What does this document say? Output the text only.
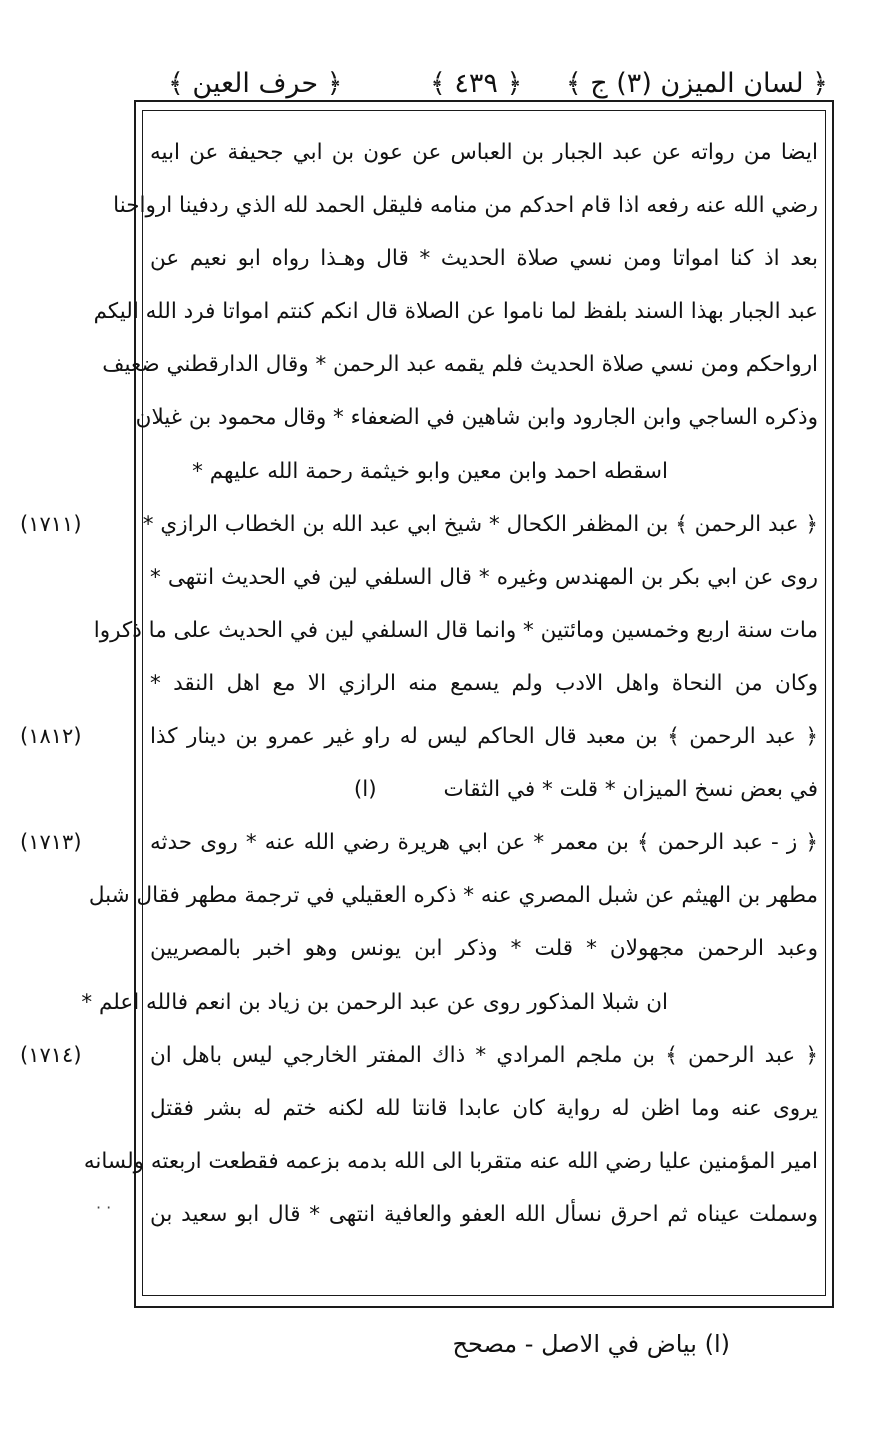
﴿ لسان الميزن (٣) ج ﴾
﴿ ٤٣٩ ﴾
﴿ حرف العين ﴾
ايضا من رواته عن عبد الجبار بن العباس عن عون بن ابي جحيفة عن ابيه
رضي الله عنه رفعه اذا قام احدكم من منامه فليقل الحمد لله الذي ردفينا ارواحنا
بعد اذ كنا امواتا ومن نسي صلاة الحديث * قال وهـذا رواه ابو نعيم عن
عبد الجبار بهذا السند بلفظ لما ناموا عن الصلاة قال انكم كنتم امواتا فرد الله اليكم
ارواحكم ومن نسي صلاة الحديث فلم يقمه عبد الرحمن * وقال الدارقطني ضعيف
وذكره الساجي وابن الجارود وابن شاهين في الضعفاء * وقال محمود بن غيلان
اسقطه احمد وابن معين وابو خيثمة رحمة الله عليهم *
﴿ عبد الرحمن ﴾ بن المظفر الكحال * شيخ ابي عبد الله بن الخطاب الرازي *
روى عن ابي بكر بن المهندس وغيره * قال السلفي لين في الحديث انتهى *
مات سنة اربع وخمسين ومائتين * وانما قال السلفي لين في الحديث على ما ذكروا
وكان من النحاة واهل الادب ولم يسمع منه الرازي الا مع اهل النقد *
﴿ عبد الرحمن ﴾ بن معبد قال الحاكم ليس له راو غير عمرو بن دينار كذا
في بعض نسخ الميزان * قلت * في الثقات (ا)
﴿ ز - عبد الرحمن ﴾ بن معمر * عن ابي هريرة رضي الله عنه * روى حدثه
مطهر بن الهيثم عن شبل المصري عنه * ذكره العقيلي في ترجمة مطهر فقال شبل
وعبد الرحمن مجهولان * قلت * وذكر ابن يونس وهو اخبر بالمصريين
ان شبلا المذكور روى عن عبد الرحمن بن زياد بن انعم فالله اعلم *
﴿ عبد الرحمن ﴾ بن ملجم المرادي * ذاك المفتر الخارجي ليس باهل ان
يروى عنه وما اظن له رواية كان عابدا قانتا لله لكنه ختم له بشر فقتل
امير المؤمنين عليا رضي الله عنه متقربا الى الله بدمه بزعمه فقطعت اربعته ولسانه
وسملت عيناه ثم احرق نسأل الله العفو والعافية انتهى * قال ابو سعيد بن
(١٧١١)
(١٨١٢)
(١٧١٣)
(١٧١٤)
· ·
(ا) بياض في الاصل - مصحح
